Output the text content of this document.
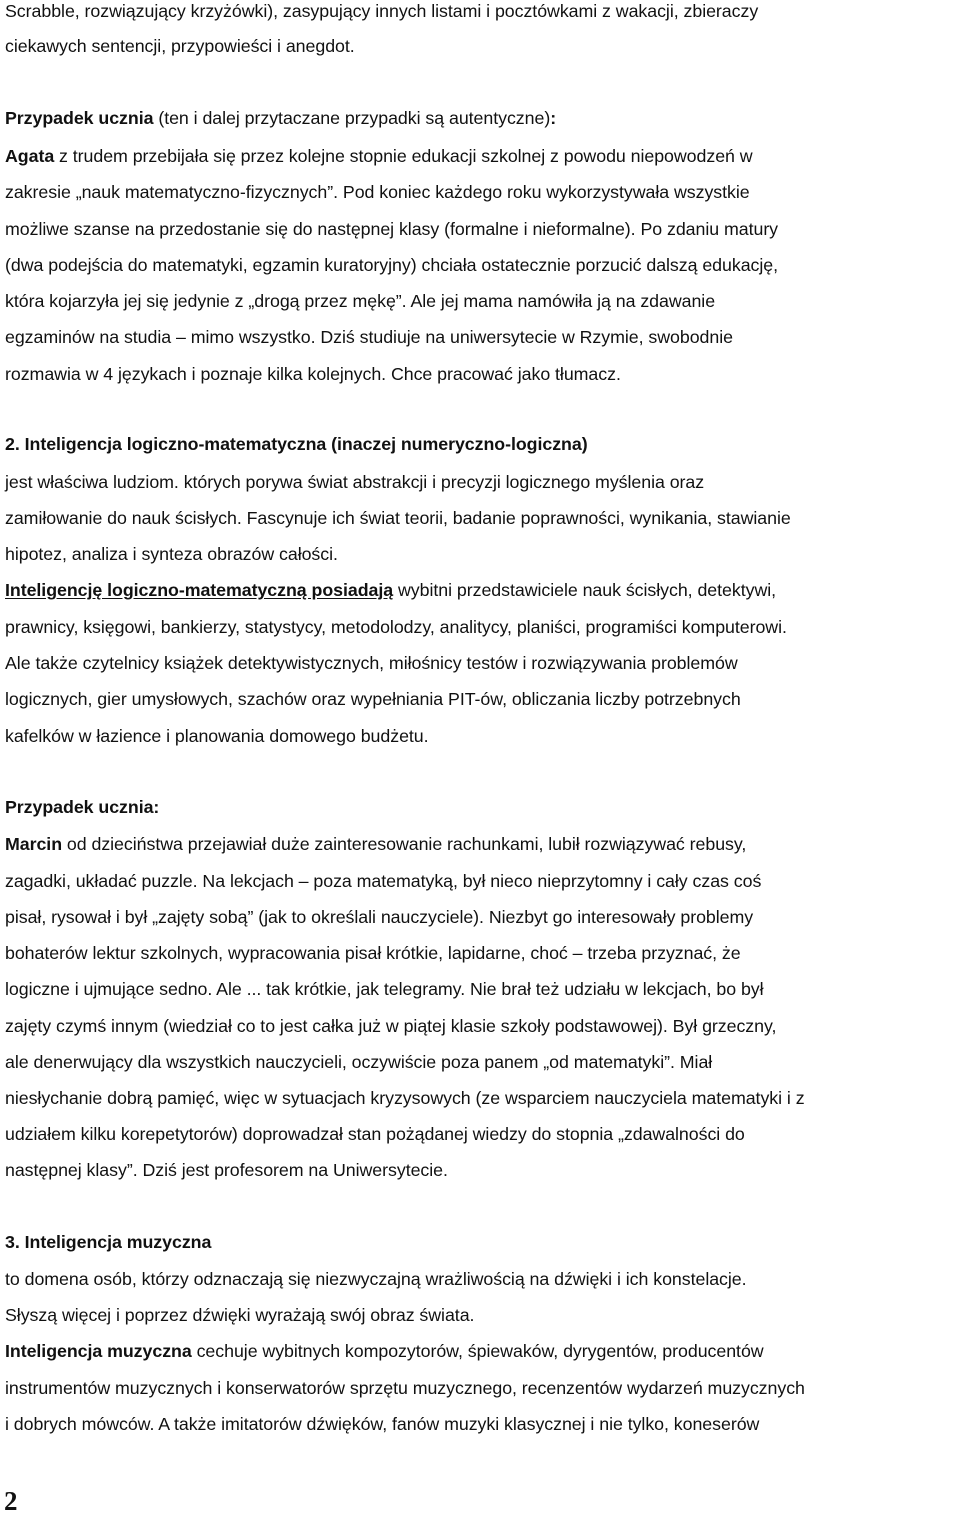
Scrabble, rozwiązujący krzyżówki), zasypujący innych listami i pocztówkami z wakacji, zbieraczy
ciekawych sentencji, przypowieści i anegdot.
Przypadek ucznia (ten i dalej przytaczane przypadki są autentyczne):
Agata z trudem przebijała się przez kolejne stopnie edukacji szkolnej z powodu niepowodzeń w
zakresie „nauk matematyczno-fizycznych”. Pod koniec każdego roku wykorzystywała wszystkie
możliwe szanse na przedostanie się do następnej klasy (formalne i nieformalne). Po zdaniu matury
(dwa podejścia do matematyki, egzamin kuratoryjny) chciała ostatecznie porzucić dalszą edukację,
która kojarzyła jej się jedynie z „drogą przez mękę”. Ale jej mama namówiła ją na zdawanie
egzaminów na studia – mimo wszystko. Dziś studiuje na uniwersytecie w Rzymie, swobodnie
rozmawia w 4 językach i poznaje kilka kolejnych. Chce pracować jako tłumacz.
2. Inteligencja logiczno-matematyczna (inaczej numeryczno-logiczna)
jest właściwa ludziom. których porywa świat abstrakcji i precyzji logicznego myślenia oraz
zamiłowanie do nauk ścisłych. Fascynuje ich świat teorii, badanie poprawności, wynikania, stawianie
hipotez, analiza i synteza obrazów całości.
Inteligencję logiczno-matematyczną posiadają wybitni przedstawiciele nauk ścisłych, detektywi,
prawnicy, księgowi, bankierzy, statystycy, metodolodzy, analitycy, planiści, programiści komputerowi.
Ale także czytelnicy książek detektywistycznych, miłośnicy testów i rozwiązywania problemów
logicznych, gier umysłowych, szachów oraz wypełniania PIT-ów, obliczania liczby potrzebnych
kafelków w łazience i planowania domowego budżetu.
Przypadek ucznia:
Marcin od dzieciństwa przejawiał duże zainteresowanie rachunkami, lubił rozwiązywać rebusy,
zagadki, układać puzzle. Na lekcjach – poza matematyką, był nieco nieprzytomny i cały czas coś
pisał, rysował i był „zajęty sobą” (jak to określali nauczyciele). Niezbyt go interesowały problemy
bohaterów lektur szkolnych, wypracowania pisał krótkie, lapidarne, choć – trzeba przyznać, że
logiczne i ujmujące sedno. Ale ... tak krótkie, jak telegramy. Nie brał też udziału w lekcjach, bo był
zajęty czymś innym (wiedział co to jest całka już w piątej klasie szkoły podstawowej). Był grzeczny,
ale denerwujący dla wszystkich nauczycieli, oczywiście poza panem „od matematyki”. Miał
niesłychanie dobrą pamięć, więc w sytuacjach kryzysowych (ze wsparciem nauczyciela matematyki i z
udziałem kilku korepetytorów) doprowadzał stan pożądanej wiedzy do stopnia „zdawalności do
następnej klasy”. Dziś jest profesorem na Uniwersytecie.
3. Inteligencja muzyczna
to domena osób, którzy odznaczają się niezwyczajną wrażliwością na dźwięki i ich konstelacje.
Słyszą więcej i poprzez dźwięki wyrażają swój obraz świata.
Inteligencja muzyczna cechuje wybitnych kompozytorów, śpiewaków, dyrygentów, producentów
instrumentów muzycznych i konserwatorów sprzętu muzycznego, recenzentów wydarzeń muzycznych
i dobrych mówców. A także imitatorów dźwięków, fanów muzyki klasycznej i nie tylko, koneserów
2
